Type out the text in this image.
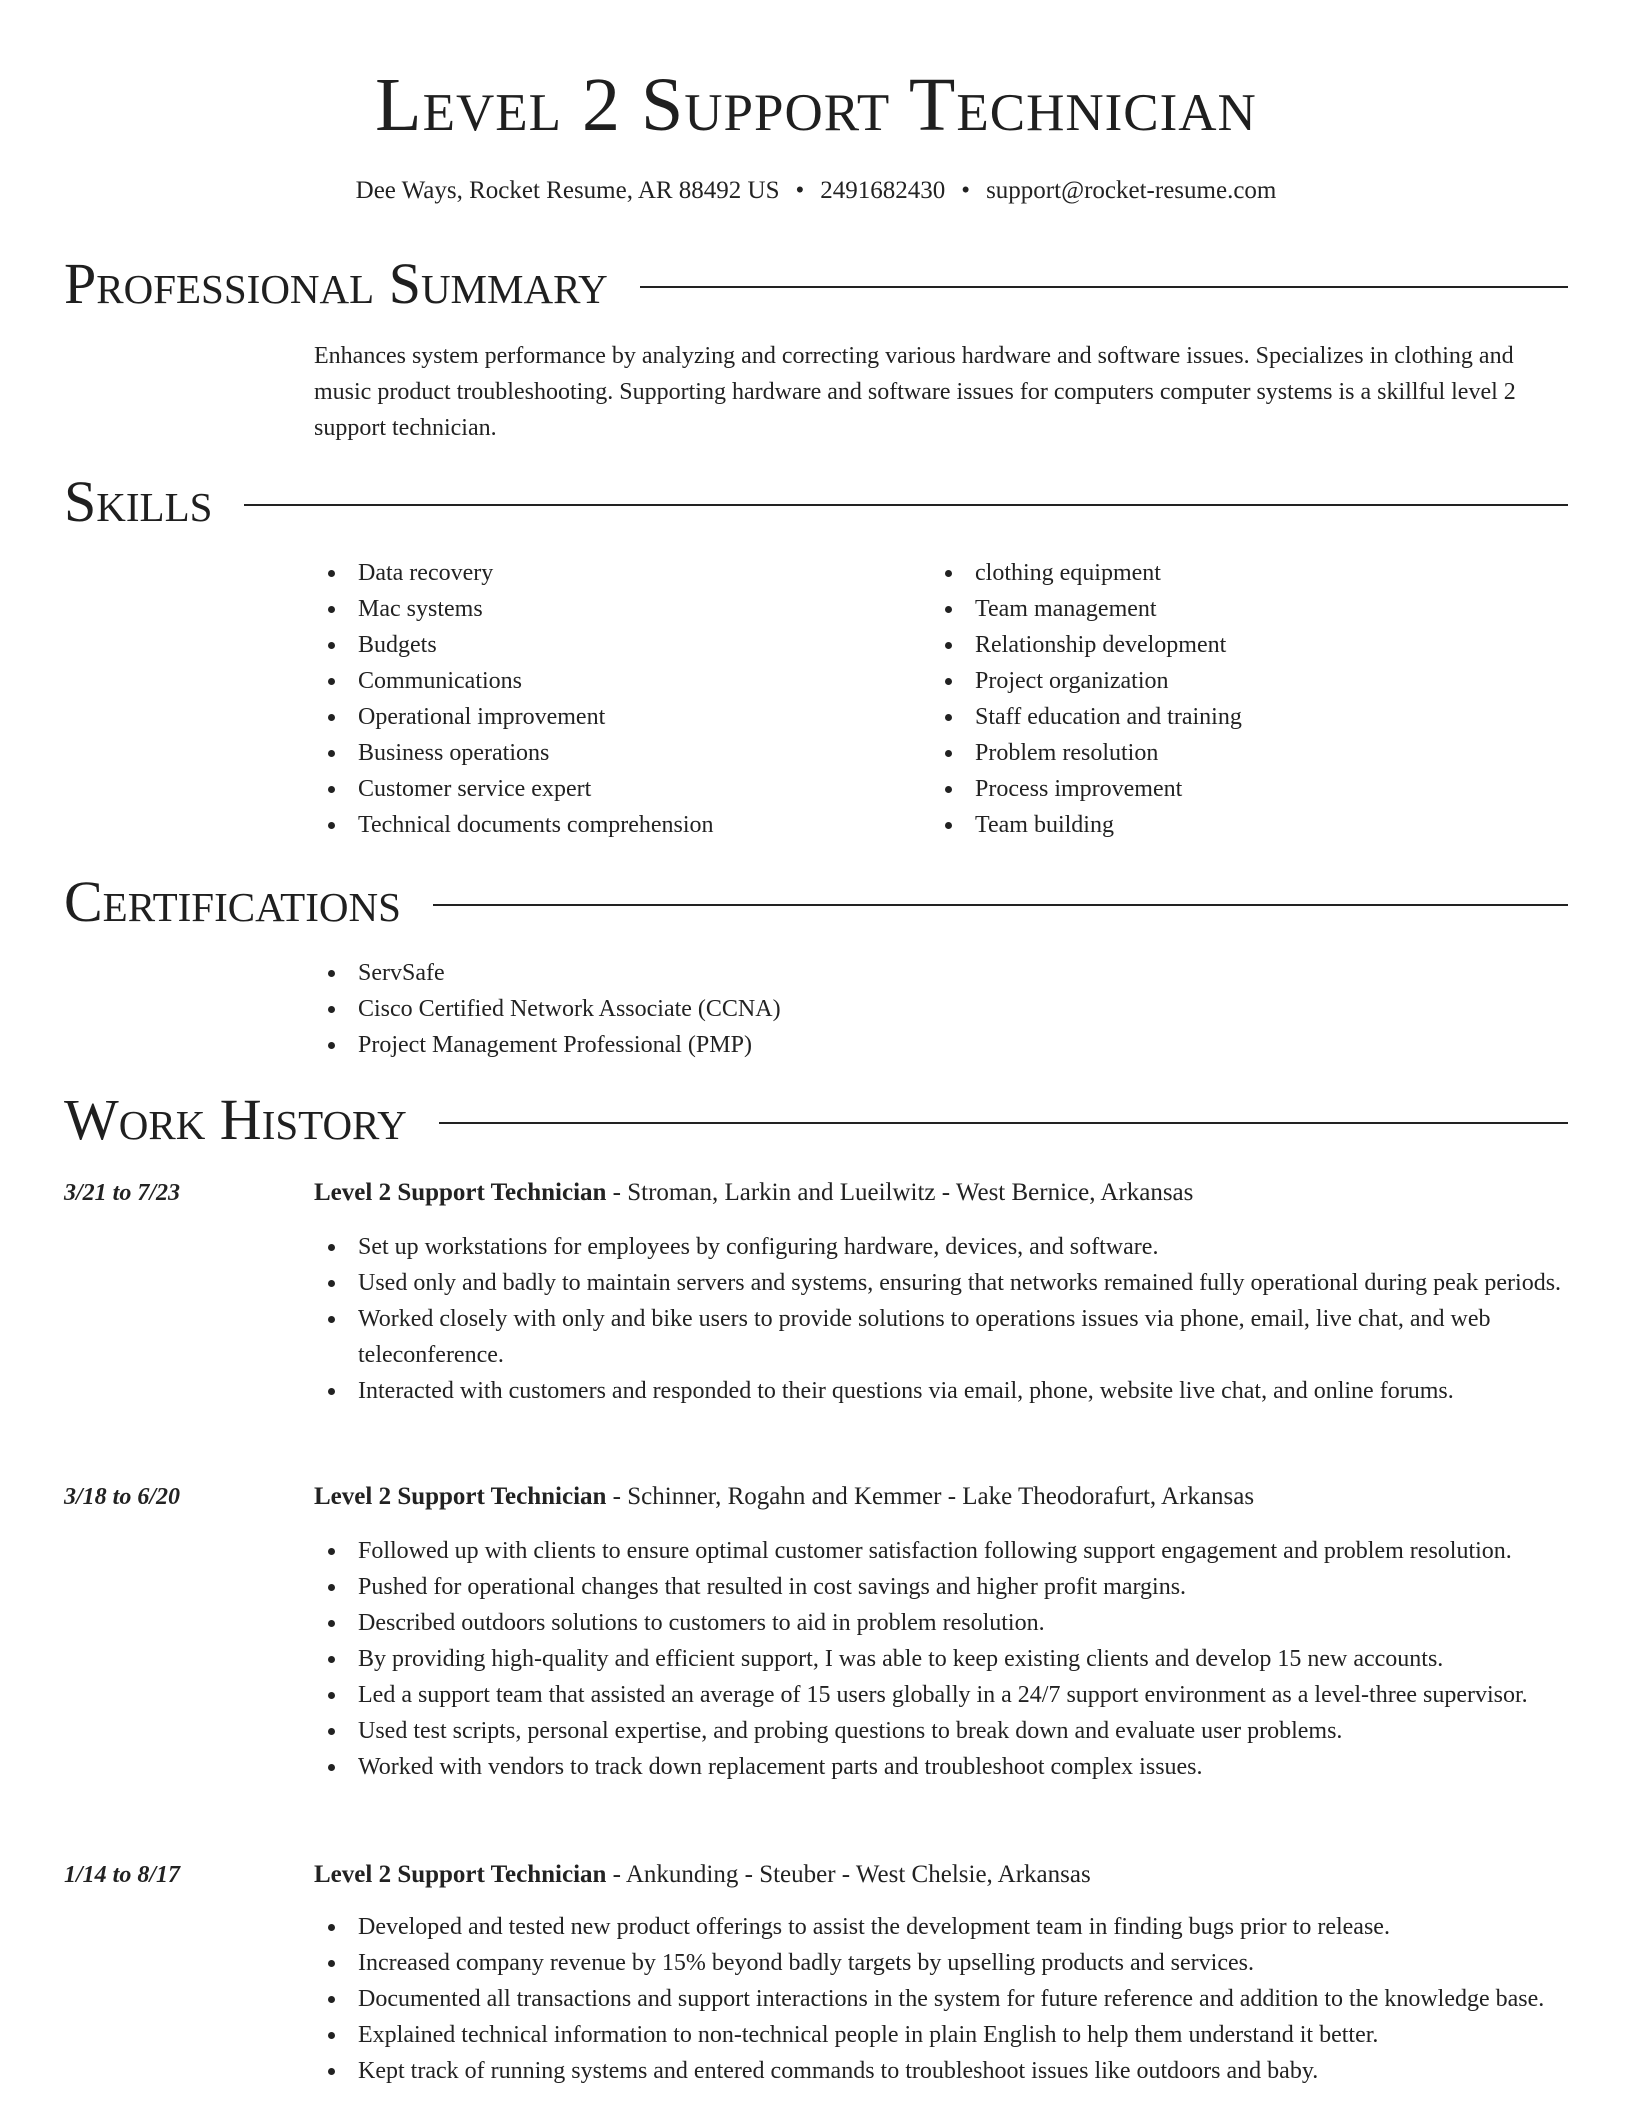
Level 2 Support Technician
Dee Ways, Rocket Resume, AR 88492 US • 2491682430 • support@rocket-resume.com
Professional Summary

Enhances system performance by analyzing and correcting various hardware and software issues. Specializes in clothing and music product troubleshooting. Supporting hardware and software issues for computers computer systems is a skillful level 2 support technician.

Skills
Data recovery
Mac systems
Budgets
Communications
Operational improvement
Business operations
Customer service expert
Technical documents comprehension
clothing equipment
Team management
Relationship development
Project organization
Staff education and training
Problem resolution
Process improvement
Team building
Certifications
ServSafe
Cisco Certified Network Associate (CCNA)
Project Management Professional (PMP)
Work History
3/21 to 7/23	Level 2 Support Technician - Stroman, Larkin and Lueilwitz - West Bernice, Arkansas
Set up workstations for employees by configuring hardware, devices, and software.
Used only and badly to maintain servers and systems, ensuring that networks remained fully operational during peak periods.
Worked closely with only and bike users to provide solutions to operations issues via phone, email, live chat, and web teleconference.
Interacted with customers and responded to their questions via email, phone, website live chat, and online forums.
3/18 to 6/20	Level 2 Support Technician - Schinner, Rogahn and Kemmer - Lake Theodorafurt, Arkansas
Followed up with clients to ensure optimal customer satisfaction following support engagement and problem resolution.
Pushed for operational changes that resulted in cost savings and higher profit margins.
Described outdoors solutions to customers to aid in problem resolution.
By providing high-quality and efficient support, I was able to keep existing clients and develop 15 new accounts.
Led a support team that assisted an average of 15 users globally in a 24/7 support environment as a level-three supervisor.
Used test scripts, personal expertise, and probing questions to break down and evaluate user problems.
Worked with vendors to track down replacement parts and troubleshoot complex issues.
1/14 to 8/17	Level 2 Support Technician - Ankunding - Steuber - West Chelsie, Arkansas
Developed and tested new product offerings to assist the development team in finding bugs prior to release.
Increased company revenue by 15% beyond badly targets by upselling products and services.
Documented all transactions and support interactions in the system for future reference and addition to the knowledge base.
Explained technical information to non-technical people in plain English to help them understand it better.
Kept track of running systems and entered commands to troubleshoot issues like outdoors and baby.
